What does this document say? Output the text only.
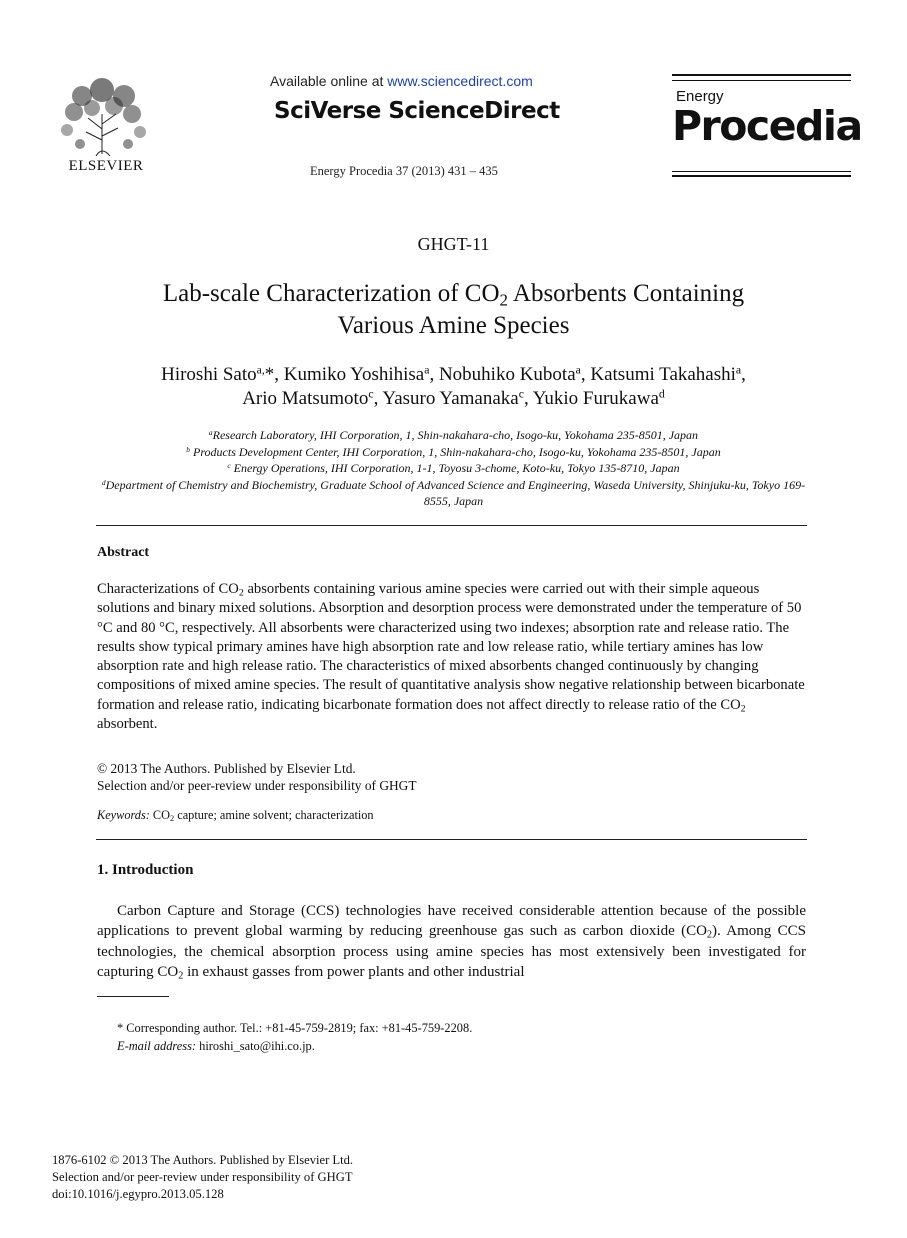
ELSEVIER
Available online at www.sciencedirect.com
SciVerse ScienceDirect
Energy Procedia 37 (2013) 431 – 435
Energy
Procedia
GHGT-11
Lab-scale Characterization of $CO_2$ Absorbents Containing
Various Amine Species
Hiroshi Sato$^{a,}$*, Kumiko Yoshihisa$^a$, Nobuhiko Kubota$^a$, Katsumi Takahashi$^a$,
Ario Matsumoto$^c$, Yasuro Yamanaka$^c$, Yukio Furukawa$^d$
$^a$Research Laboratory, IHI Corporation, 1, Shin-nakahara-cho, Isogo-ku, Yokohama 235-8501, Japan
$^b$ Products Development Center, IHI Corporation, 1, Shin-nakahara-cho, Isogo-ku, Yokohama 235-8501, Japan
$^c$ Energy Operations, IHI Corporation, 1-1, Toyosu 3-chome, Koto-ku, Tokyo 135-8710, Japan
$^d$Department of Chemistry and Biochemistry, Graduate School of Advanced Science and Engineering, Waseda University, Shinjuku-ku, Tokyo 169-8555, Japan
Abstract
Characterizations of $CO_2$ absorbents containing various amine species were carried out with their simple aqueous solutions and binary mixed solutions. Absorption and desorption process were demonstrated under the temperature of 50 °C and 80 °C, respectively. All absorbents were characterized using two indexes; absorption rate and release ratio. The results show typical primary amines have high absorption rate and low release ratio, while tertiary amines has low absorption rate and high release ratio. The characteristics of mixed absorbents changed continuously by changing compositions of mixed amine species. The result of quantitative analysis show negative relationship between bicarbonate formation and release ratio, indicating bicarbonate formation does not affect directly to release ratio of the $CO_2$ absorbent.
© 2013 The Authors. Published by Elsevier Ltd.
Selection and/or peer-review under responsibility of GHGT
Keywords: $CO_2$ capture; amine solvent; characterization
1. Introduction
Carbon Capture and Storage (CCS) technologies have received considerable attention because of the possible applications to prevent global warming by reducing greenhouse gas such as carbon dioxide $(CO_2)$. Among CCS technologies, the chemical absorption process using amine species has most extensively been investigated for capturing $CO_2$ in exhaust gasses from power plants and other industrial
* Corresponding author. Tel.: +81-45-759-2819; fax: +81-45-759-2208.
E-mail address: hiroshi_sato@ihi.co.jp.
1876-6102 © 2013 The Authors. Published by Elsevier Ltd.
Selection and/or peer-review under responsibility of GHGT
doi:10.1016/j.egypro.2013.05.128
